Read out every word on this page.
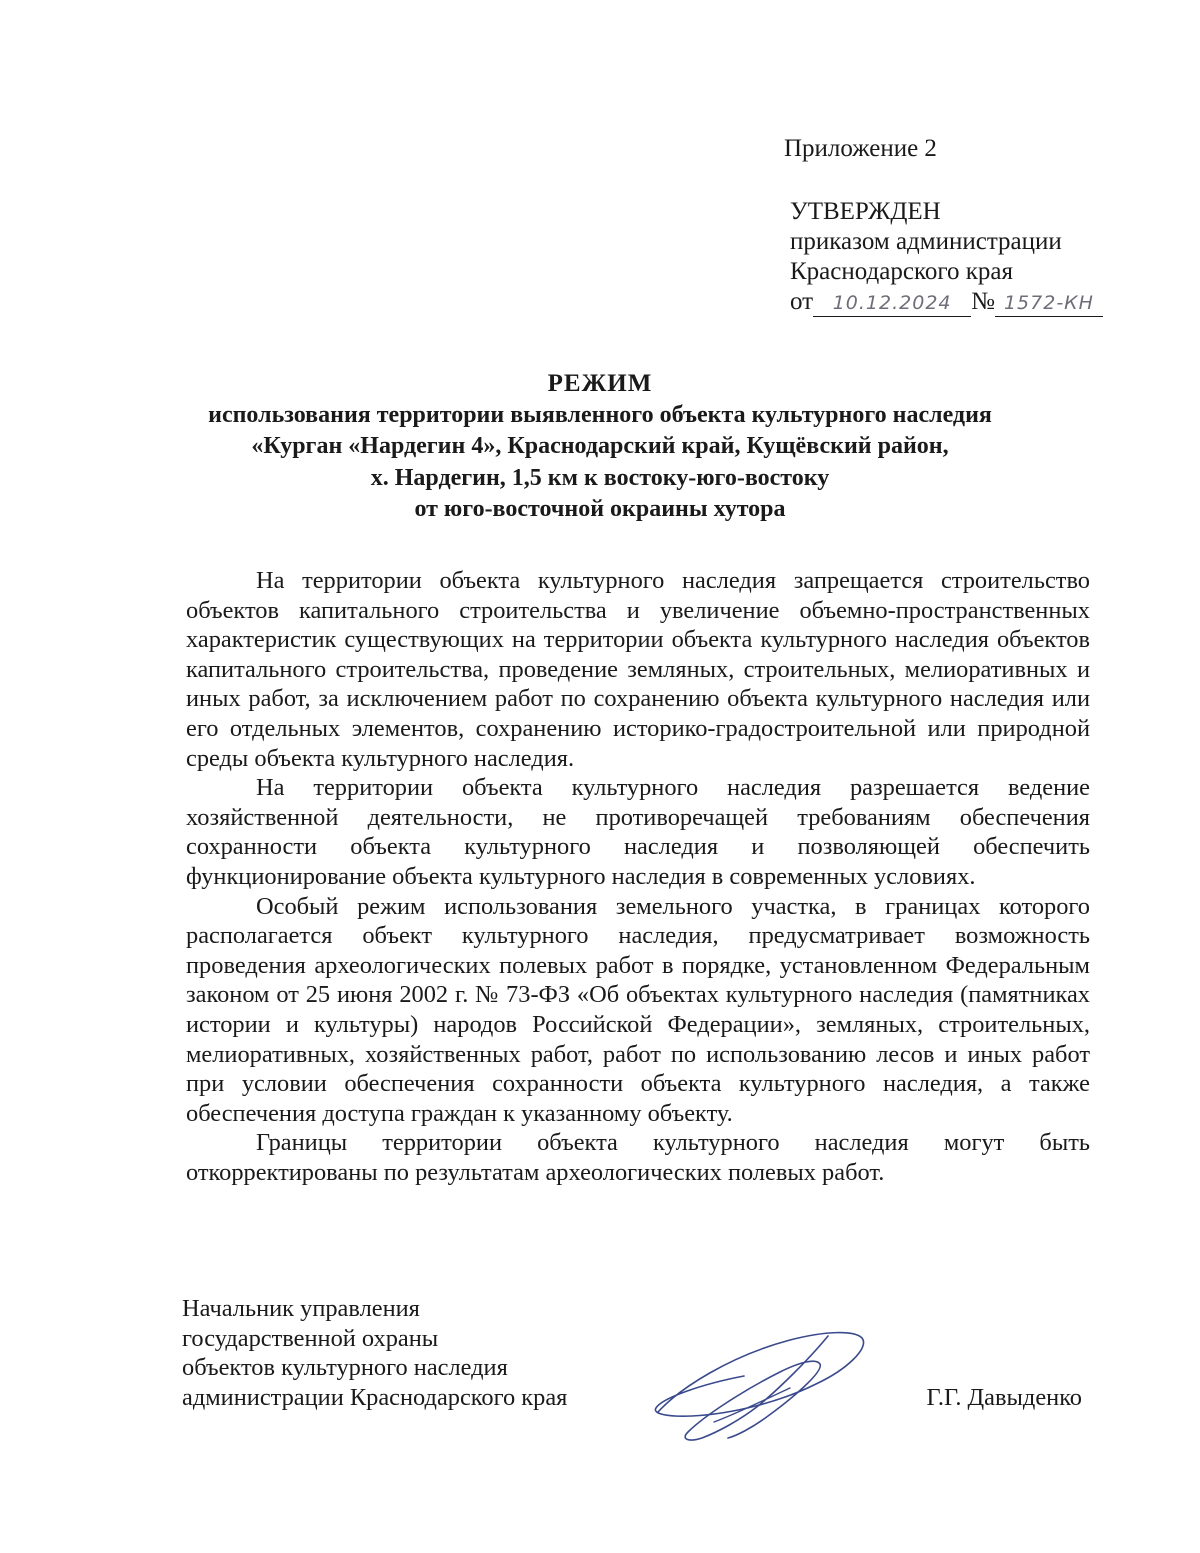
Приложение 2
УТВЕРЖДЕН
приказом администрации
Краснодарского края
от 10.12.2024 № 1572-КН
РЕЖИМ
использования территории выявленного объекта культурного наследия
«Курган «Нардегин 4», Краснодарский край, Кущёвский район,
х. Нардегин, 1,5 км к востоку-юго-востоку
от юго-восточной окраины хутора

На территории объекта культурного наследия запрещается строительство объектов капитального строительства и увеличение объемно-пространственных характеристик существующих на территории объекта культурного наследия объектов капитального строительства, проведение земляных, строительных, мелиоративных и иных работ, за исключением работ по сохранению объекта культурного наследия или его отдельных элементов, сохранению историко-градостроительной или природной среды объекта культурного наследия.

На территории объекта культурного наследия разрешается ведение хозяйственной деятельности, не противоречащей требованиям обеспечения сохранности объекта культурного наследия и позволяющей обеспечить функционирование объекта культурного наследия в современных условиях.

Особый режим использования земельного участка, в границах которого располагается объект культурного наследия, предусматривает возможность проведения археологических полевых работ в порядке, установленном Федеральным законом от 25 июня 2002 г. № 73-ФЗ «Об объектах культурного наследия (памятниках истории и культуры) народов Российской Федерации», земляных, строительных, мелиоративных, хозяйственных работ, работ по использованию лесов и иных работ при условии обеспечения сохранности объекта культурного наследия, а также обеспечения доступа граждан к указанному объекту.

Границы территории объекта культурного наследия могут быть откорректированы по результатам археологических полевых работ.

Начальник управления
государственной охраны
объектов культурного наследия
администрации Краснодарского края	Г.Г. Давыденко
